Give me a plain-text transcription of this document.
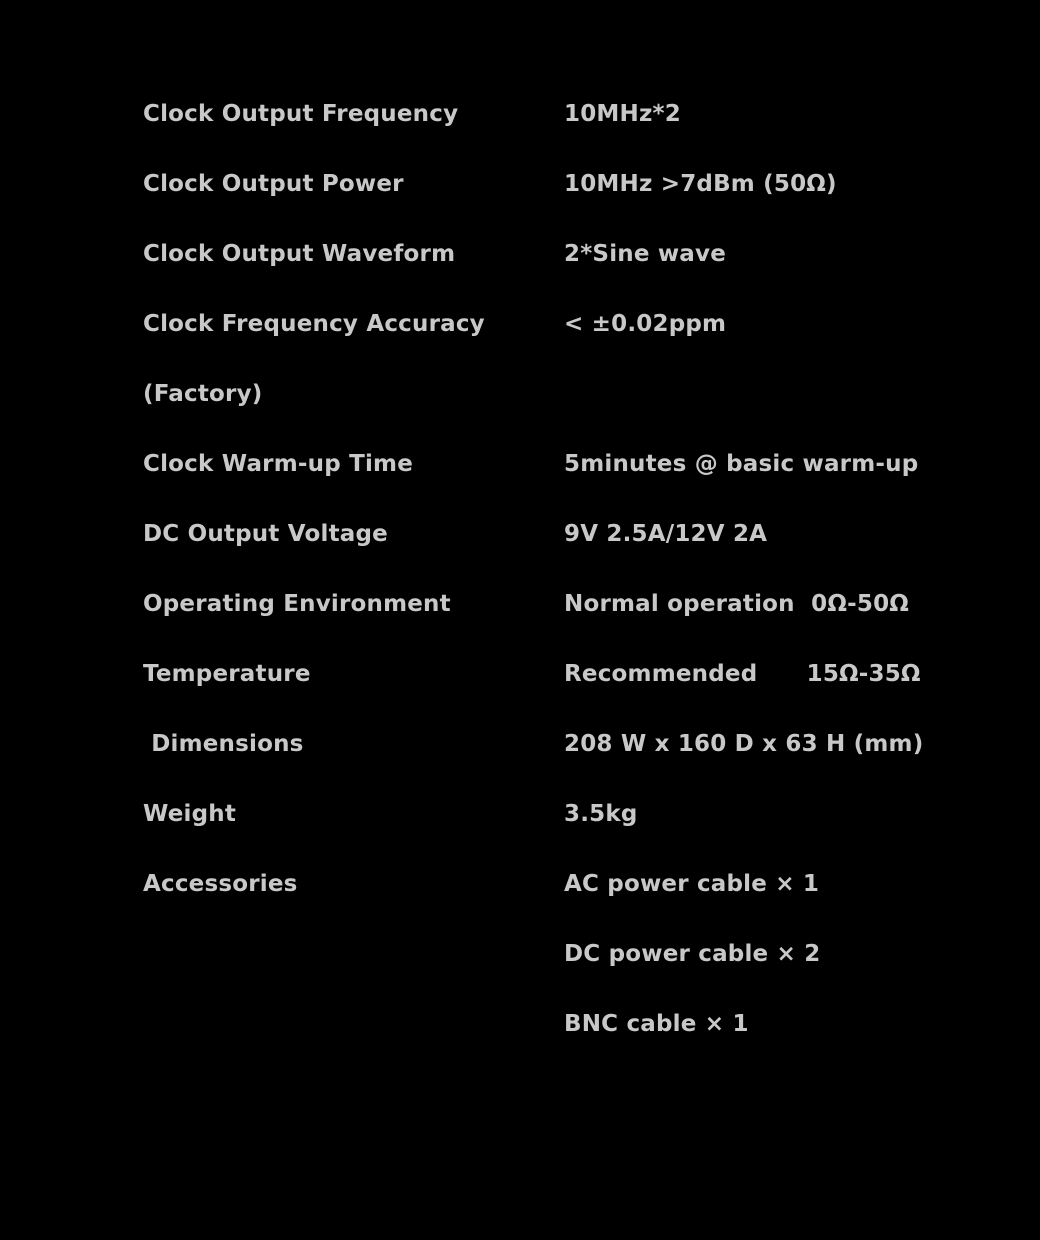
Clock Output Frequency	10MHz*2
Clock Output Power	10MHz >7dBm (50Ω)
Clock Output Waveform	2*Sine wave
Clock Frequency Accuracy	< ±0.02ppm
(Factory)
Clock Warm-up Time	5minutes @ basic warm-up
DC Output Voltage	9V 2.5A/12V 2A
Operating Environment	Normal operation  0Ω-50Ω
Temperature	Recommended      15Ω-35Ω
Dimensions	208 W x 160 D x 63 H (mm)
Weight	3.5kg
Accessories	AC power cable × 1
DC power cable × 2
BNC cable × 1
